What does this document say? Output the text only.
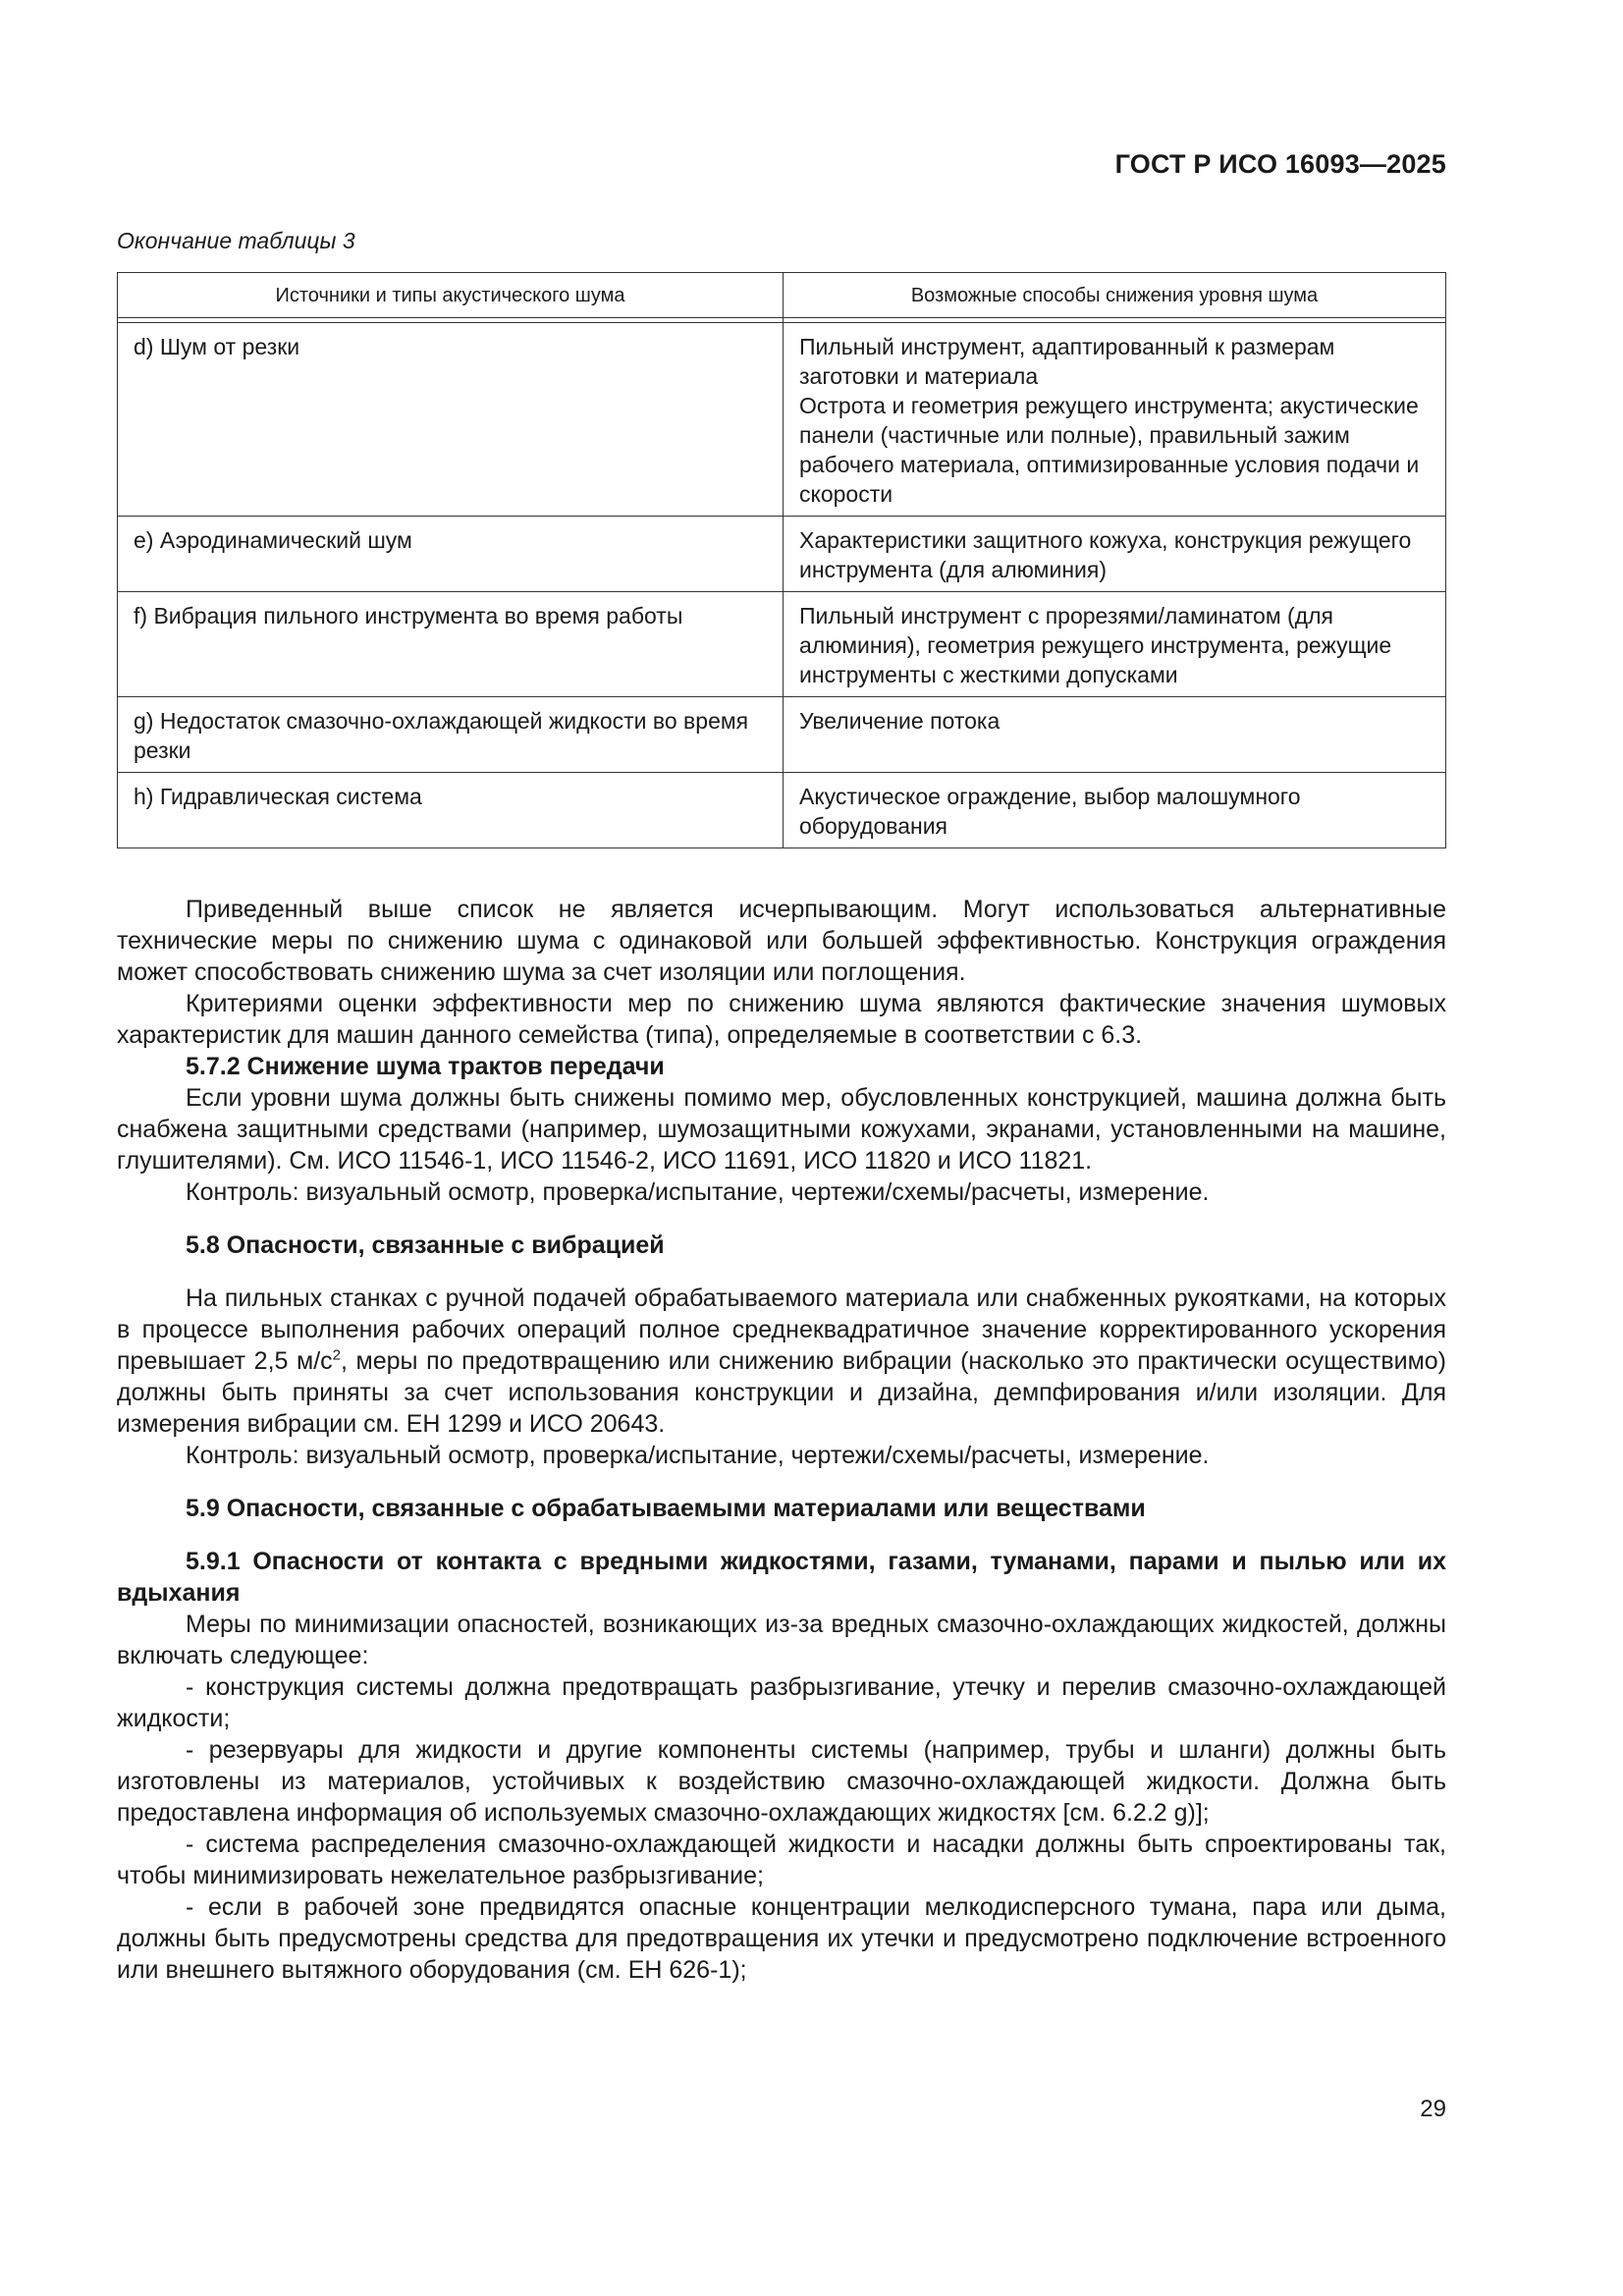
ГОСТ Р ИСО 16093—2025
Окончание таблицы 3
Источники и типы акустического шума	Возможные способы снижения уровня шума

d) Шум от резки	Пильный инструмент, адаптированный к размерам заготовки и материала
Острота и геометрия режущего инструмента; акустические панели (частичные или полные), правильный зажим рабочего материала, оптимизированные условия подачи и скорости
e) Аэродинамический шум	Характеристики защитного кожуха, конструкция режущего инструмента (для алюминия)
f) Вибрация пильного инструмента во время работы	Пильный инструмент с прорезями/ламинатом (для алюминия), геометрия режущего инструмента, режущие инструменты с жесткими допусками
g) Недостаток смазочно-охлаждающей жидкости во время резки	Увеличение потока
h) Гидравлическая система	Акустическое ограждение, выбор малошумного оборудования

Приведенный выше список не является исчерпывающим. Могут использоваться альтернативные технические меры по снижению шума с одинаковой или большей эффективностью. Конструкция ограждения может способствовать снижению шума за счет изоляции или поглощения.

Критериями оценки эффективности мер по снижению шума являются фактические значения шумовых характеристик для машин данного семейства (типа), определяемые в соответствии с 6.3.

5.7.2 Снижение шума трактов передачи

Если уровни шума должны быть снижены помимо мер, обусловленных конструкцией, машина должна быть снабжена защитными средствами (например, шумозащитными кожухами, экранами, установленными на машине, глушителями). См. ИСО 11546-1, ИСО 11546-2, ИСО 11691, ИСО 11820 и ИСО 11821.

Контроль: визуальный осмотр, проверка/испытание, чертежи/схемы/расчеты, измерение.

5.8 Опасности, связанные с вибрацией

На пильных станках с ручной подачей обрабатываемого материала или снабженных рукоятками, на которых в процессе выполнения рабочих операций полное среднеквадратичное значение корректированного ускорения превышает 2,5 $м/с^2$, меры по предотвращению или снижению вибрации (насколько это практически осуществимо) должны быть приняты за счет использования конструкции и дизайна, демпфирования и/или изоляции. Для измерения вибрации см. ЕН 1299 и ИСО 20643.

Контроль: визуальный осмотр, проверка/испытание, чертежи/схемы/расчеты, измерение.

5.9 Опасности, связанные с обрабатываемыми материалами или веществами

5.9.1 Опасности от контакта с вредными жидкостями, газами, туманами, парами и пылью или их вдыхания

Меры по минимизации опасностей, возникающих из-за вредных смазочно-охлаждающих жидкостей, должны включать следующее:

- конструкция системы должна предотвращать разбрызгивание, утечку и перелив смазочно-охлаждающей жидкости;

- резервуары для жидкости и другие компоненты системы (например, трубы и шланги) должны быть изготовлены из материалов, устойчивых к воздействию смазочно-охлаждающей жидкости. Должна быть предоставлена информация об используемых смазочно-охлаждающих жидкостях [см. 6.2.2 g)];

- система распределения смазочно-охлаждающей жидкости и насадки должны быть спроектированы так, чтобы минимизировать нежелательное разбрызгивание;

- если в рабочей зоне предвидятся опасные концентрации мелкодисперсного тумана, пара или дыма, должны быть предусмотрены средства для предотвращения их утечки и предусмотрено подключение встроенного или внешнего вытяжного оборудования (см. ЕН 626-1);

29
